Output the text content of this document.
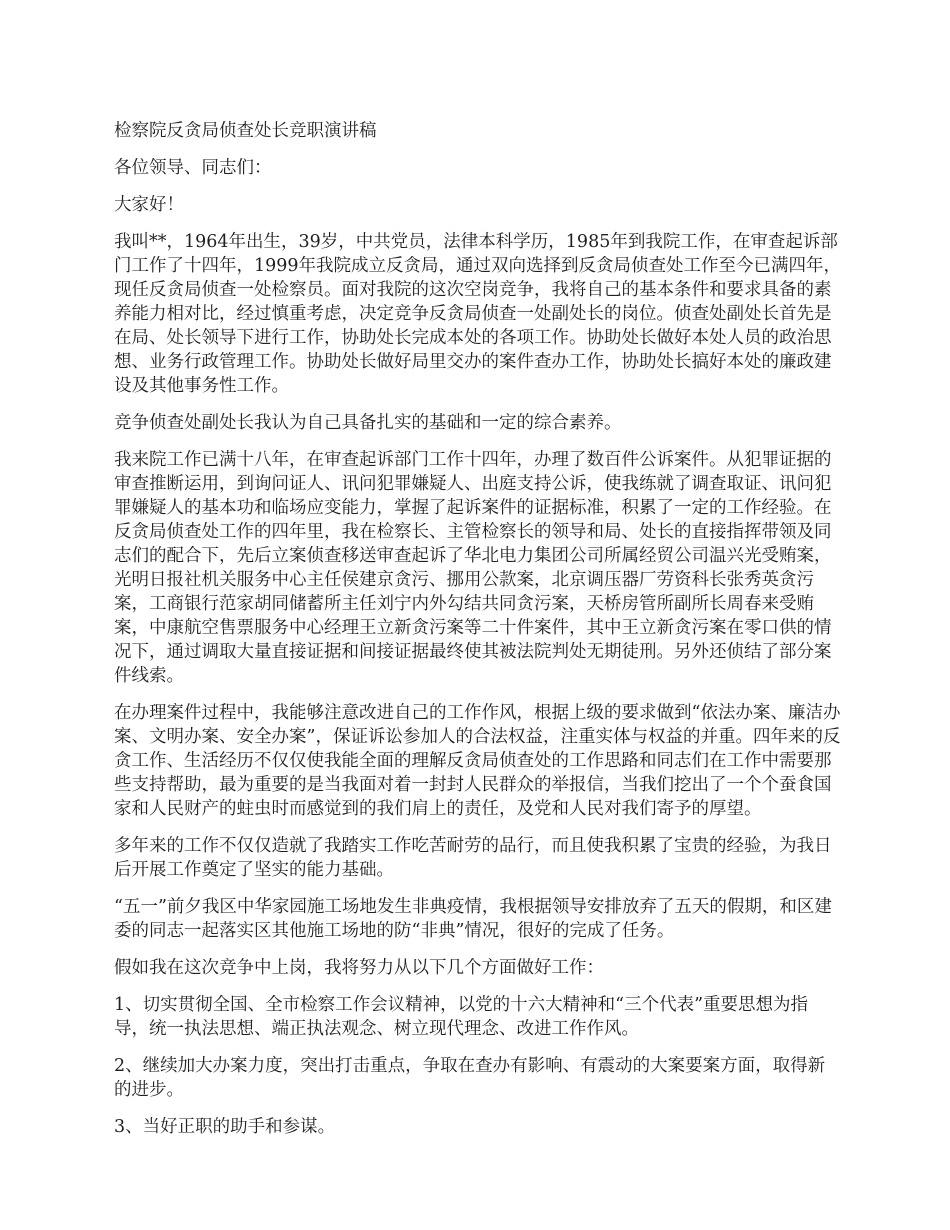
检察院反贪局侦查处长竞职演讲稿

各位领导、同志们：

大家好！

我叫**，1964年出生，39岁，中共党员，法律本科学历，1985年到我院工作，在审查起诉部门工作了十四年，1999年我院成立反贪局，通过双向选择到反贪局侦查处工作至今已满四年，现任反贪局侦查一处检察员。面对我院的这次空岗竞争，我将自己的基本条件和要求具备的素养能力相对比，经过慎重考虑，决定竞争反贪局侦查一处副处长的岗位。侦查处副处长首先是在局、处长领导下进行工作，协助处长完成本处的各项工作。协助处长做好本处人员的政治思想、业务行政管理工作。协助处长做好局里交办的案件查办工作，协助处长搞好本处的廉政建设及其他事务性工作。

竞争侦查处副处长我认为自己具备扎实的基础和一定的综合素养。

我来院工作已满十八年，在审查起诉部门工作十四年，办理了数百件公诉案件。从犯罪证据的审查推断运用，到询问证人、讯问犯罪嫌疑人、出庭支持公诉，使我练就了调查取证、讯问犯罪嫌疑人的基本功和临场应变能力，掌握了起诉案件的证据标准，积累了一定的工作经验。在反贪局侦查处工作的四年里，我在检察长、主管检察长的领导和局、处长的直接指挥带领及同志们的配合下，先后立案侦查移送审查起诉了华北电力集团公司所属经贸公司温兴光受贿案，光明日报社机关服务中心主任侯建京贪污、挪用公款案，北京调压器厂劳资科长张秀英贪污案，工商银行范家胡同储蓄所主任刘宁内外勾结共同贪污案，天桥房管所副所长周春来受贿案，中康航空售票服务中心经理王立新贪污案等二十件案件，其中王立新贪污案在零口供的情况下，通过调取大量直接证据和间接证据最终使其被法院判处无期徒刑。另外还侦结了部分案件线索。

在办理案件过程中，我能够注意改进自己的工作作风，根据上级的要求做到“依法办案、廉洁办案、文明办案、安全办案”，保证诉讼参加人的合法权益，注重实体与权益的并重。四年来的反贪工作、生活经历不仅仅使我能全面的理解反贪局侦查处的工作思路和同志们在工作中需要那些支持帮助，最为重要的是当我面对着一封封人民群众的举报信，当我们挖出了一个个蚕食国家和人民财产的蛀虫时而感觉到的我们肩上的责任，及党和人民对我们寄予的厚望。

多年来的工作不仅仅造就了我踏实工作吃苦耐劳的品行，而且使我积累了宝贵的经验，为我日后开展工作奠定了坚实的能力基础。

“五一”前夕我区中华家园施工场地发生非典疫情，我根据领导安排放弃了五天的假期，和区建委的同志一起落实区其他施工场地的防“非典”情况，很好的完成了任务。

假如我在这次竞争中上岗，我将努力从以下几个方面做好工作：

1、切实贯彻全国、全市检察工作会议精神，以党的十六大精神和“三个代表”重要思想为指导，统一执法思想、端正执法观念、树立现代理念、改进工作作风。

2、继续加大办案力度，突出打击重点，争取在查办有影响、有震动的大案要案方面，取得新的进步。

3、当好正职的助手和参谋。
